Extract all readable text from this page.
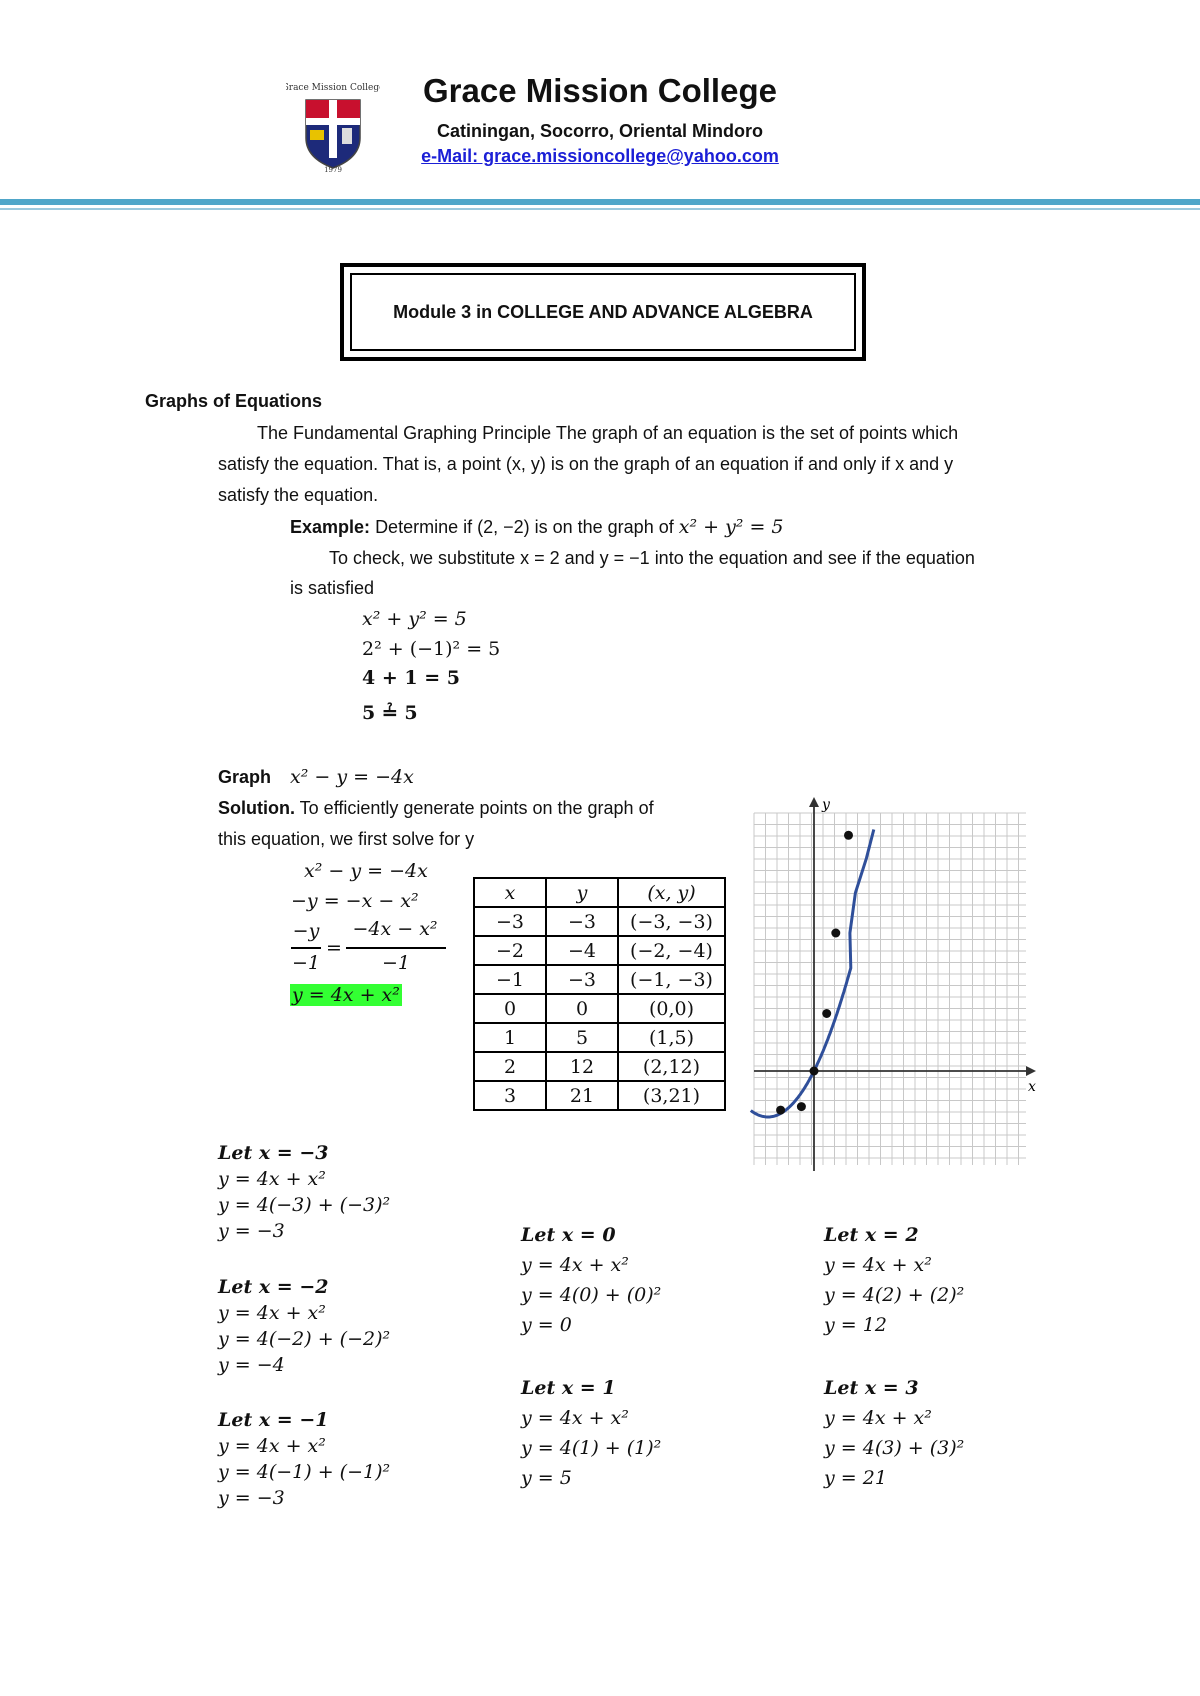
Grace Mission College
1979
Grace Mission College
Catiningan, Socorro, Oriental Mindoro
e-Mail: grace.missioncollege@yahoo.com
Module 3 in COLLEGE AND ADVANCE ALGEBRA
Graphs of Equations
The Fundamental Graphing Principle The graph of an equation is the set of points which
satisfy the equation. That is, a point (x, y) is on the graph of an equation if and only if x and y
satisfy the equation.
Example: Determine if (2, −2) is on the graph of x² + y² = 5
To check, we substitute x = 2 and y = −1 into the equation and see if the equation
is satisfied
x² + y² = 5
2² + (−1)² = 5
4 + 1 = 5
5 ≟ 5
Graph x² − y = −4x
Solution. To efficiently generate points on the graph of
this equation, we first solve for y
x² − y = −4x
−y = −x − x²
−y
−1
=
−4x − x²
−1
y = 4x + x²
x	y	(x, y)
−3	−3	(−3, −3)
−2	−4	(−2, −4)
−1	−3	(−1, −3)
0	0	(0,0)
1	5	(1,5)
2	12	(2,12)
3	21	(3,21)	x
y
Let x = −3
y = 4x + x²
y = 4(−3) + (−3)²
y = −3
Let x = −2
y = 4x + x²
y = 4(−2) + (−2)²
y = −4
Let x = −1
y = 4x + x²
y = 4(−1) + (−1)²
y = −3
Let x = 0
y = 4x + x²
y = 4(0) + (0)²
y = 0
Let x = 1
y = 4x + x²
y = 4(1) + (1)²
y = 5
Let x = 2
y = 4x + x²
y = 4(2) + (2)²
y = 12
Let x = 3
y = 4x + x²
y = 4(3) + (3)²
y = 21
